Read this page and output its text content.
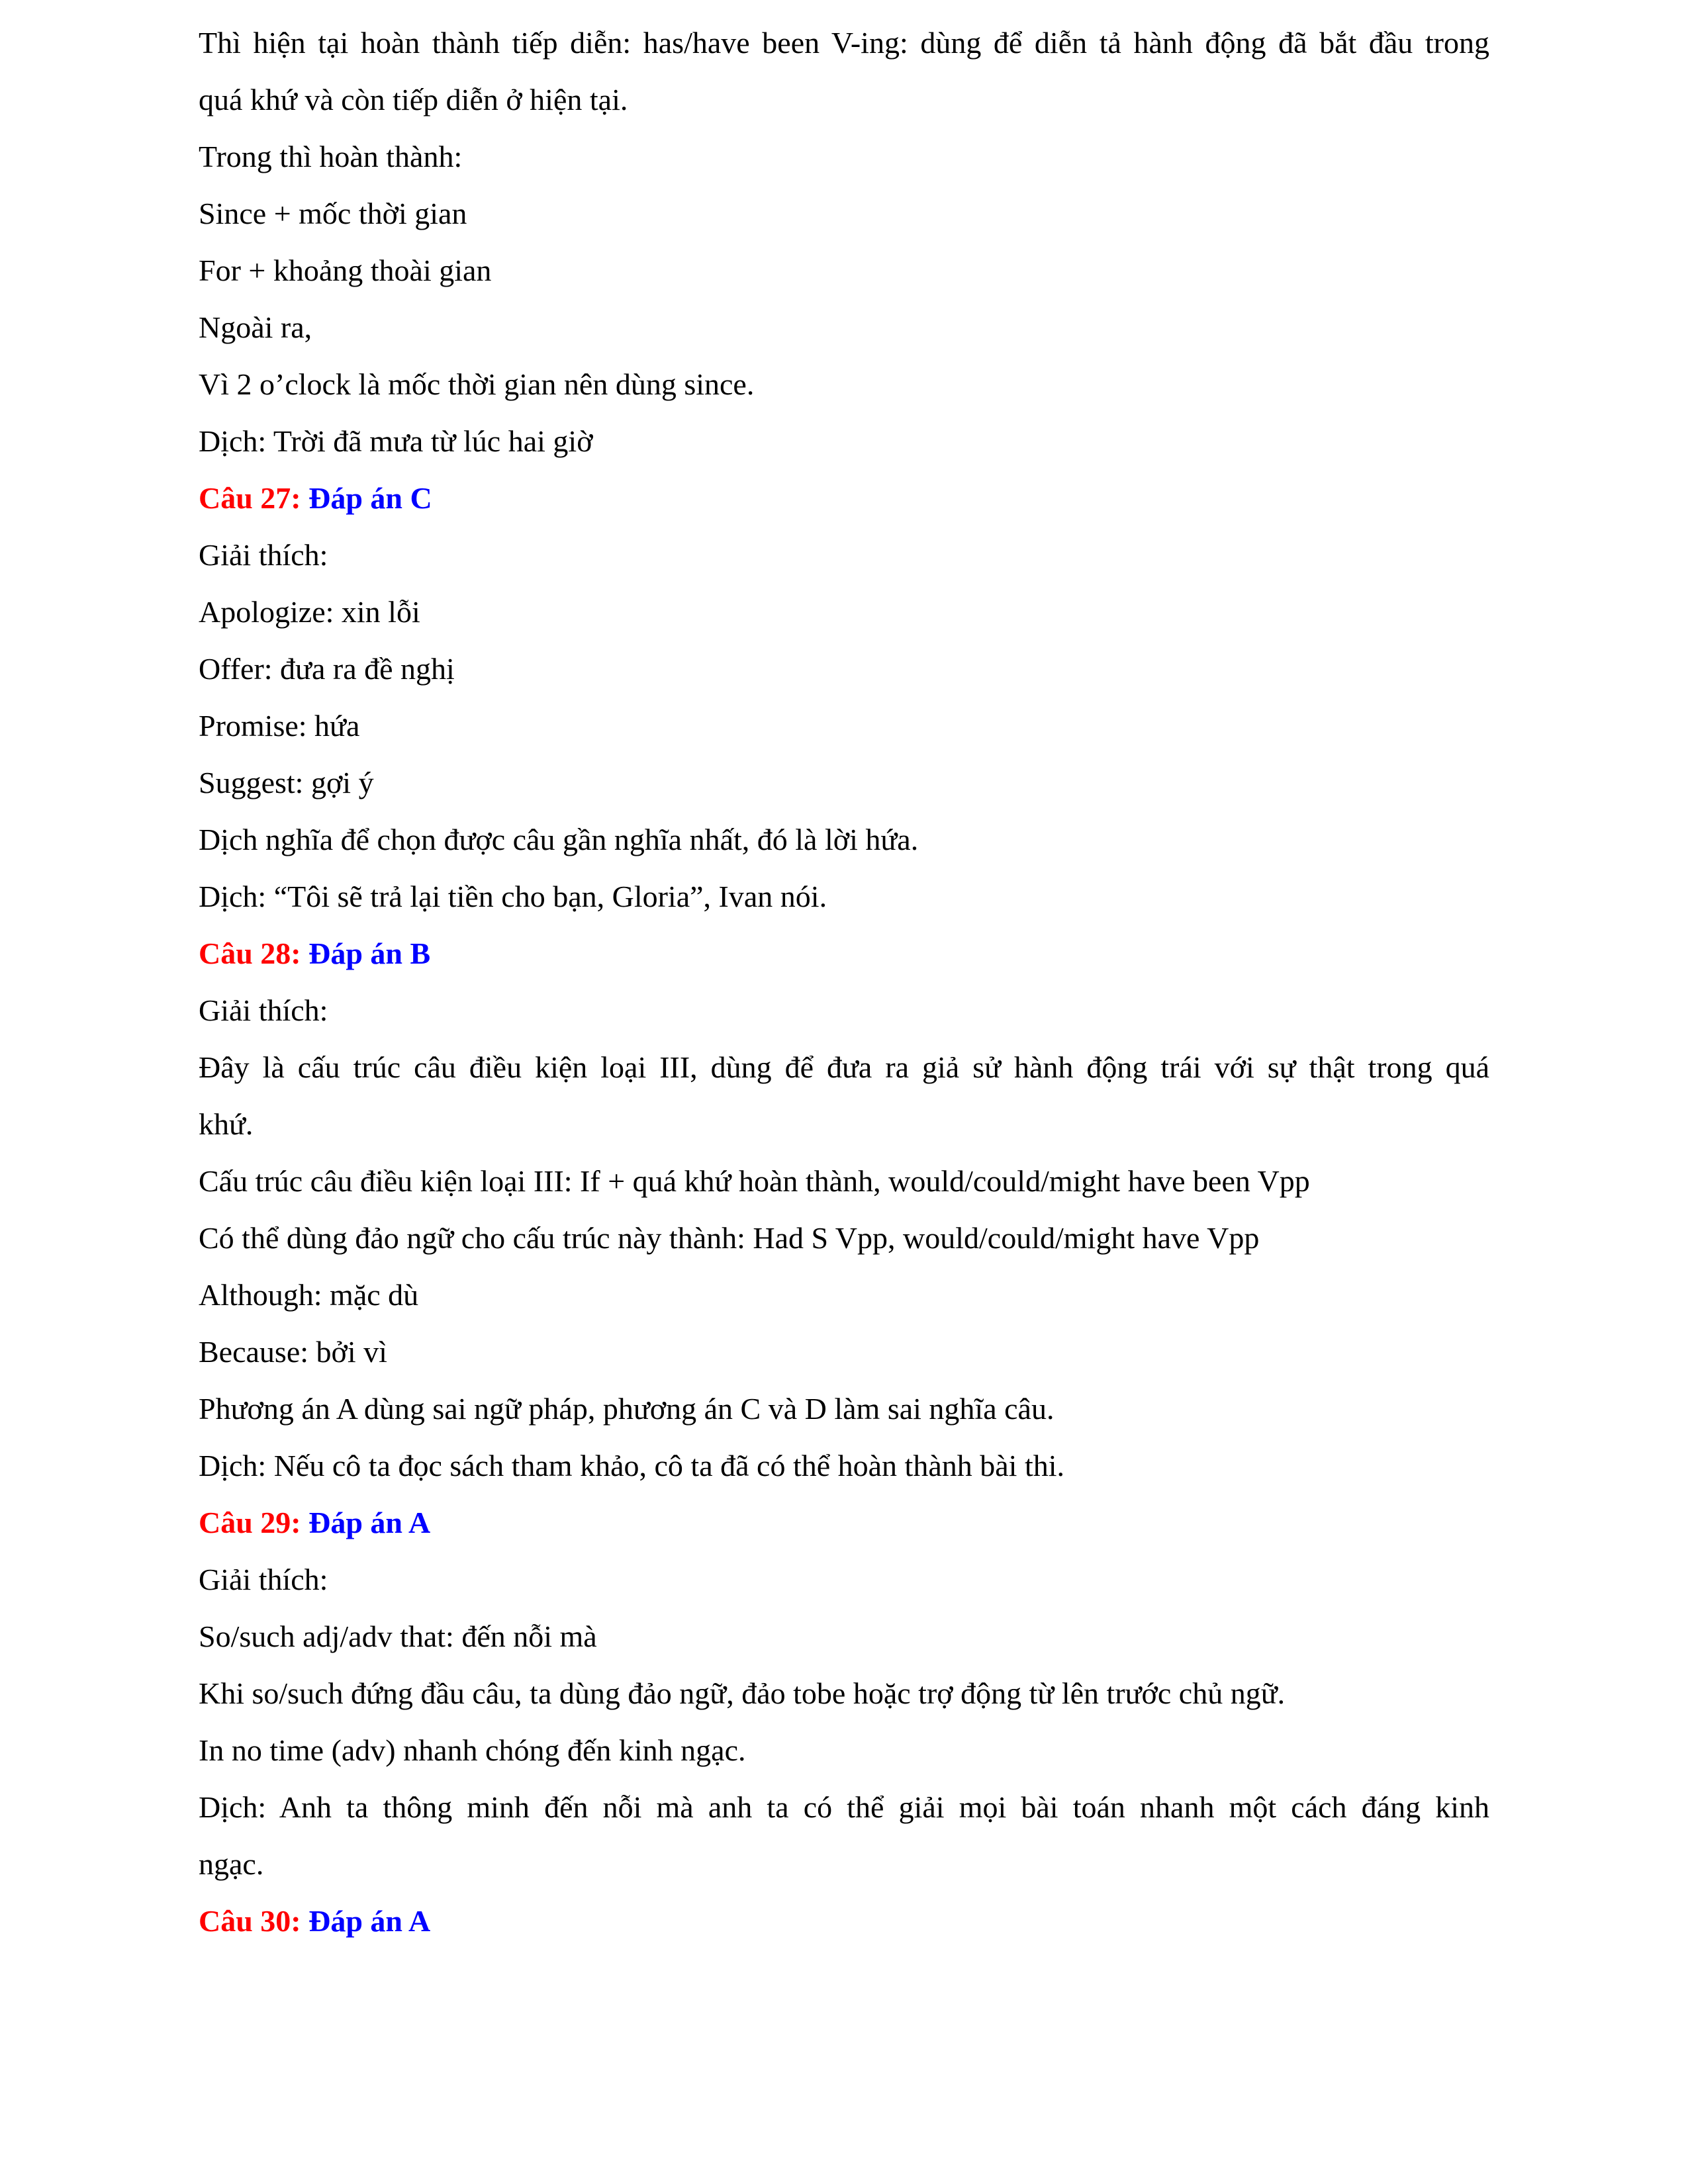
Thì hiện tại hoàn thành tiếp diễn: has/have been V-ing: dùng để diễn tả hành động đã bắt đầu trong
quá khứ và còn tiếp diễn ở hiện tại.
Trong thì hoàn thành:
Since + mốc thời gian
For + khoảng thoài gian
Ngoài ra,
Vì 2 o’clock là mốc thời gian nên dùng since.
Dịch: Trời đã mưa từ lúc hai giờ
Câu 27: Đáp án C
Giải thích:
Apologize: xin lỗi
Offer: đưa ra đề nghị
Promise: hứa
Suggest: gợi ý
Dịch nghĩa để chọn được câu gần nghĩa nhất, đó là lời hứa.
Dịch: “Tôi sẽ trả lại tiền cho bạn, Gloria”, Ivan nói.
Câu 28: Đáp án B
Giải thích:
Đây là cấu trúc câu điều kiện loại III, dùng để đưa ra giả sử hành động trái với sự thật trong quá
khứ.
Cấu trúc câu điều kiện loại III: If + quá khứ hoàn thành, would/could/might have been Vpp
Có thể dùng đảo ngữ cho cấu trúc này thành: Had S Vpp, would/could/might have Vpp
Although: mặc dù
Because: bởi vì
Phương án A dùng sai ngữ pháp, phương án C và D làm sai nghĩa câu.
Dịch: Nếu cô ta đọc sách tham khảo, cô ta đã có thể hoàn thành bài thi.
Câu 29: Đáp án A
Giải thích:
So/such adj/adv that: đến nỗi mà
Khi so/such đứng đầu câu, ta dùng đảo ngữ, đảo tobe hoặc trợ động từ lên trước chủ ngữ.
In no time (adv) nhanh chóng đến kinh ngạc.
Dịch: Anh ta thông minh đến nỗi mà anh ta có thể giải mọi bài toán nhanh một cách đáng kinh
ngạc.
Câu 30: Đáp án A
